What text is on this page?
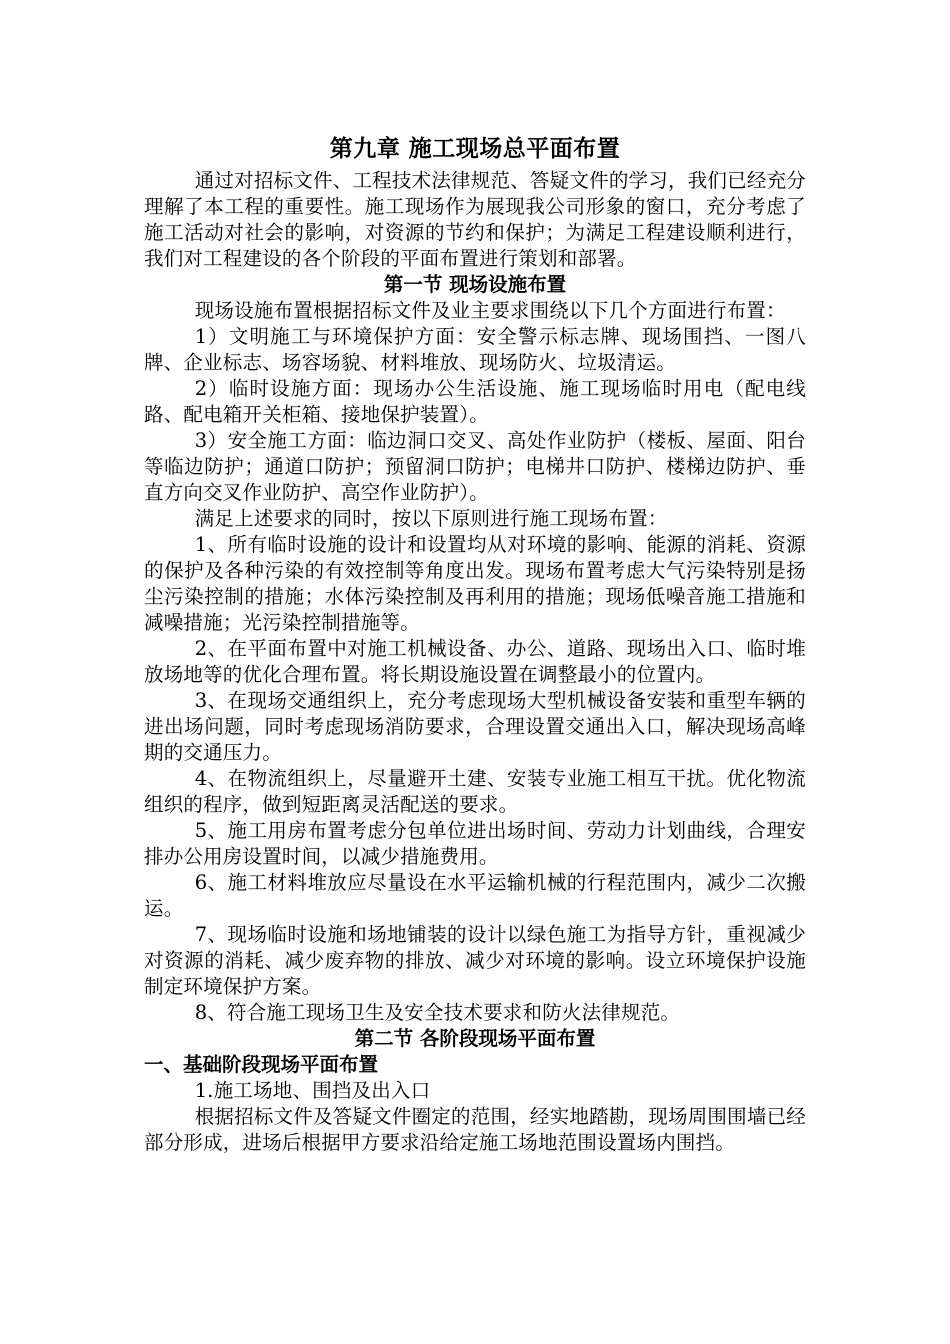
第九章 施工现场总平面布置

通过对招标文件、工程技术法律规范、答疑文件的学习，我们已经充分理解了本工程的重要性。施工现场作为展现我公司形象的窗口，充分考虑了施工活动对社会的影响，对资源的节约和保护；为满足工程建设顺利进行，我们对工程建设的各个阶段的平面布置进行策划和部署。

第一节 现场设施布置

现场设施布置根据招标文件及业主要求围绕以下几个方面进行布置：

1）文明施工与环境保护方面：安全警示标志牌、现场围挡、一图八牌、企业标志、场容场貌、材料堆放、现场防火、垃圾清运。

2）临时设施方面：现场办公生活设施、施工现场临时用电（配电线路、配电箱开关柜箱、接地保护装置）。

3）安全施工方面：临边洞口交叉、高处作业防护（楼板、屋面、阳台等临边防护；通道口防护；预留洞口防护；电梯井口防护、楼梯边防护、垂直方向交叉作业防护、高空作业防护）。

满足上述要求的同时，按以下原则进行施工现场布置：

1、所有临时设施的设计和设置均从对环境的影响、能源的消耗、资源的保护及各种污染的有效控制等角度出发。现场布置考虑大气污染特别是扬尘污染控制的措施；水体污染控制及再利用的措施；现场低噪音施工措施和减噪措施；光污染控制措施等。

2、在平面布置中对施工机械设备、办公、道路、现场出入口、临时堆放场地等的优化合理布置。将长期设施设置在调整最小的位置内。

3、在现场交通组织上，充分考虑现场大型机械设备安装和重型车辆的进出场问题，同时考虑现场消防要求，合理设置交通出入口，解决现场高峰期的交通压力。

4、在物流组织上，尽量避开土建、安装专业施工相互干扰。优化物流组织的程序，做到短距离灵活配送的要求。

5、施工用房布置考虑分包单位进出场时间、劳动力计划曲线，合理安排办公用房设置时间，以减少措施费用。

6、施工材料堆放应尽量设在水平运输机械的行程范围内，减少二次搬运。

7、现场临时设施和场地铺装的设计以绿色施工为指导方针，重视减少对资源的消耗、减少废弃物的排放、减少对环境的影响。设立环境保护设施制定环境保护方案。

8、符合施工现场卫生及安全技术要求和防火法律规范。

第二节 各阶段现场平面布置
一、基础阶段现场平面布置

1.施工场地、围挡及出入口

根据招标文件及答疑文件圈定的范围，经实地踏勘，现场周围围墙已经部分形成，进场后根据甲方要求沿给定施工场地范围设置场内围挡。
